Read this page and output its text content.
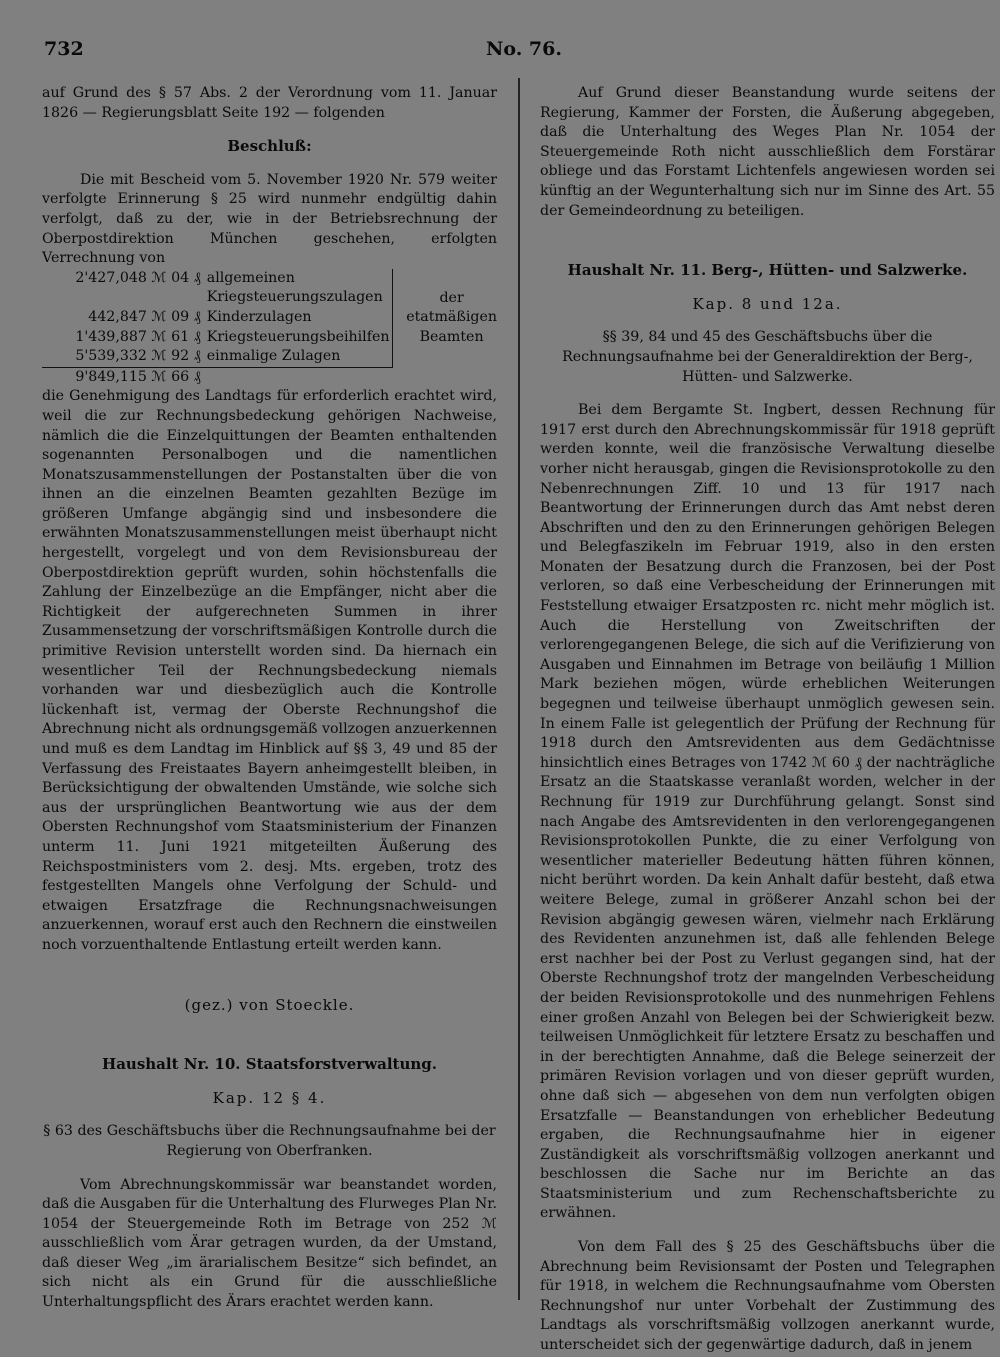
732	No. 76.

auf Grund des § 57 Abs. 2 der Verordnung vom 11. Januar 1826 — Regierungsblatt Seite 192 — folgenden

Beschluß:

Die mit Bescheid vom 5. November 1920 Nr. 579 weiter verfolgte Erinnerung § 25 wird nunmehr endgültig dahin verfolgt, daß zu der, wie in der Betriebsrechnung der Oberpostdirektion München geschehen, erfolgten Verrechnung von

2'427,048 ℳ 04 ₰	allgemeinen Kriegsteuerungszulagen		der etatmäßigen Beamten
442,847 ℳ 09 ₰	Kinderzulagen		
1'439,887 ℳ 61 ₰	Kriegsteuerungsbeihilfen		
5'539,332 ℳ 92 ₰	einmalige Zulagen		
9'849,115 ℳ 66 ₰			

die Genehmigung des Landtags für erforderlich erachtet wird, weil die zur Rechnungsbedeckung gehörigen Nachweise, nämlich die die Einzelquittungen der Beamten enthaltenden sogenannten Personalbogen und die namentlichen Monatszusammenstellungen der Postanstalten über die von ihnen an die einzelnen Beamten gezahlten Bezüge im größeren Umfange abgängig sind und insbesondere die erwähnten Monatszusammenstellungen meist überhaupt nicht hergestellt, vorgelegt und von dem Revisionsbureau der Oberpostdirektion geprüft wurden, sohin höchstenfalls die Zahlung der Einzelbezüge an die Empfänger, nicht aber die Richtigkeit der aufgerechneten Summen in ihrer Zusammensetzung der vorschriftsmäßigen Kontrolle durch die primitive Revision unterstellt worden sind. Da hiernach ein wesentlicher Teil der Rechnungsbedeckung niemals vorhanden war und diesbezüglich auch die Kontrolle lückenhaft ist, vermag der Oberste Rechnungshof die Abrechnung nicht als ordnungsgemäß vollzogen anzuerkennen und muß es dem Landtag im Hinblick auf §§ 3, 49 und 85 der Verfassung des Freistaates Bayern anheimgestellt bleiben, in Berücksichtigung der obwaltenden Umstände, wie solche sich aus der ursprünglichen Beantwortung wie aus der dem Obersten Rechnungshof vom Staatsministerium der Finanzen unterm 11. Juni 1921 mitgeteilten Äußerung des Reichspostministers vom 2. desj. Mts. ergeben, trotz des festgestellten Mangels ohne Verfolgung der Schuld- und etwaigen Ersatzfrage die Rechnungsnachweisungen anzuerkennen, worauf erst auch den Rechnern die einstweilen noch vorzuenthaltende Entlastung erteilt werden kann.

(gez.) von Stoeckle.

Haushalt Nr. 10. Staatsforstverwaltung.

Kap. 12 § 4.

§ 63 des Geschäftsbuchs über die Rechnungsaufnahme bei der Regierung von Oberfranken.

Vom Abrechnungskommissär war beanstandet worden, daß die Ausgaben für die Unterhaltung des Flurweges Plan Nr. 1054 der Steuergemeinde Roth im Betrage von 252 ℳ ausschließlich vom Ärar getragen wurden, da der Umstand, daß dieser Weg „im ärarialischem Besitze“ sich befindet, an sich nicht als ein Grund für die ausschließliche Unterhaltungspflicht des Ärars erachtet werden kann.

Auf Grund dieser Beanstandung wurde seitens der Regierung, Kammer der Forsten, die Äußerung abgegeben, daß die Unterhaltung des Weges Plan Nr. 1054 der Steuergemeinde Roth nicht ausschließlich dem Forstärar obliege und das Forstamt Lichtenfels angewiesen worden sei künftig an der Wegunterhaltung sich nur im Sinne des Art. 55 der Gemeindeordnung zu beteiligen.

Haushalt Nr. 11. Berg-, Hütten- und Salzwerke.

Kap. 8 und 12a.

§§ 39, 84 und 45 des Geschäftsbuchs über die Rechnungsaufnahme bei der Generaldirektion der Berg-, Hütten- und Salzwerke.

Bei dem Bergamte St. Ingbert, dessen Rechnung für 1917 erst durch den Abrechnungskommissär für 1918 geprüft werden konnte, weil die französische Verwaltung dieselbe vorher nicht herausgab, gingen die Revisionsprotokolle zu den Nebenrechnungen Ziff. 10 und 13 für 1917 nach Beantwortung der Erinnerungen durch das Amt nebst deren Abschriften und den zu den Erinnerungen gehörigen Belegen und Belegfaszikeln im Februar 1919, also in den ersten Monaten der Besatzung durch die Franzosen, bei der Post verloren, so daß eine Verbescheidung der Erinnerungen mit Feststellung etwaiger Ersatzposten rc. nicht mehr möglich ist. Auch die Herstellung von Zweitschriften der verlorengegangenen Belege, die sich auf die Verifizierung von Ausgaben und Einnahmen im Betrage von beiläufig 1 Million Mark beziehen mögen, würde erheblichen Weiterungen begegnen und teilweise überhaupt unmöglich gewesen sein. In einem Falle ist gelegentlich der Prüfung der Rechnung für 1918 durch den Amtsrevidenten aus dem Gedächtnisse hinsichtlich eines Betrages von 1742 ℳ 60 ₰ der nachträgliche Ersatz an die Staatskasse veranlaßt worden, welcher in der Rechnung für 1919 zur Durchführung gelangt. Sonst sind nach Angabe des Amtsrevidenten in den verlorengegangenen Revisionsprotokollen Punkte, die zu einer Verfolgung von wesentlicher materieller Bedeutung hätten führen können, nicht berührt worden. Da kein Anhalt dafür besteht, daß etwa weitere Belege, zumal in größerer Anzahl schon bei der Revision abgängig gewesen wären, vielmehr nach Erklärung des Revidenten anzunehmen ist, daß alle fehlenden Belege erst nachher bei der Post zu Verlust gegangen sind, hat der Oberste Rechnungshof trotz der mangelnden Verbescheidung der beiden Revisionsprotokolle und des nunmehrigen Fehlens einer großen Anzahl von Belegen bei der Schwierigkeit bezw. teilweisen Unmöglichkeit für letztere Ersatz zu beschaffen und in der berechtigten Annahme, daß die Belege seinerzeit der primären Revision vorlagen und von dieser geprüft wurden, ohne daß sich — abgesehen von dem nun verfolgten obigen Ersatzfalle — Beanstandungen von erheblicher Bedeutung ergaben, die Rechnungsaufnahme hier in eigener Zuständigkeit als vorschriftsmäßig vollzogen anerkannt und beschlossen die Sache nur im Berichte an das Staatsministerium und zum Rechenschaftsberichte zu erwähnen.

Von dem Fall des § 25 des Geschäftsbuchs über die Abrechnung beim Revisionsamt der Posten und Telegraphen für 1918, in welchem die Rechnungsaufnahme vom Obersten Rechnungshof nur unter Vorbehalt der Zustimmung des Landtags als vorschriftsmäßig vollzogen anerkannt wurde, unterscheidet sich der gegenwärtige dadurch, daß in jenem
